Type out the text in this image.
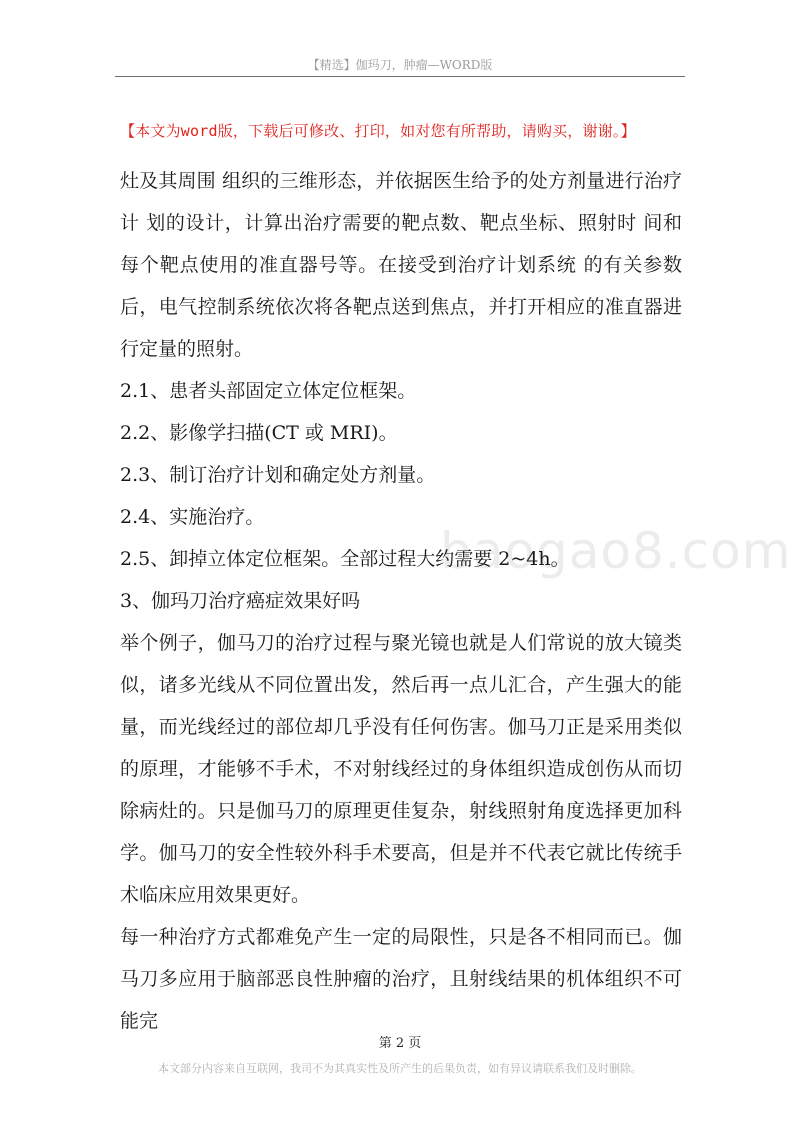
【精选】伽玛刀，肿瘤—WORD版
【本文为word版，下载后可修改、打印，如对您有所帮助，请购买，谢谢。】
baogao8.com

灶及其周围 组织的三维形态，并依据医生给予的处方剂量进行治疗计 划的设计，计算出治疗需要的靶点数、靶点坐标、照射时 间和每个靶点使用的准直器号等。在接受到治疗计划系统 的有关参数后，电气控制系统依次将各靶点送到焦点，并打开相应的准直器进行定量的照射。

2.1、患者头部固定立体定位框架。

2.2、影像学扫描(CT 或 MRI)。

2.3、制订治疗计划和确定处方剂量。

2.4、实施治疗。

2.5、卸掉立体定位框架。全部过程大约需要 2~4h。

3、伽玛刀治疗癌症效果好吗

举个例子，伽马刀的治疗过程与聚光镜也就是人们常说的放大镜类似，诸多光线从不同位置出发，然后再一点儿汇合，产生强大的能量，而光线经过的部位却几乎没有任何伤害。伽马刀正是采用类似的原理，才能够不手术，不对射线经过的身体组织造成创伤从而切除病灶的。只是伽马刀的原理更佳复杂，射线照射角度选择更加科学。伽马刀的安全性较外科手术要高，但是并不代表它就比传统手术临床应用效果更好。

每一种治疗方式都难免产生一定的局限性，只是各不相同而已。伽马刀多应用于脑部恶良性肿瘤的治疗，且射线结果的机体组织不可能完

第 2 页
本文部分内容来自互联网，我司不为其真实性及所产生的后果负责，如有异议请联系我们及时删除。
